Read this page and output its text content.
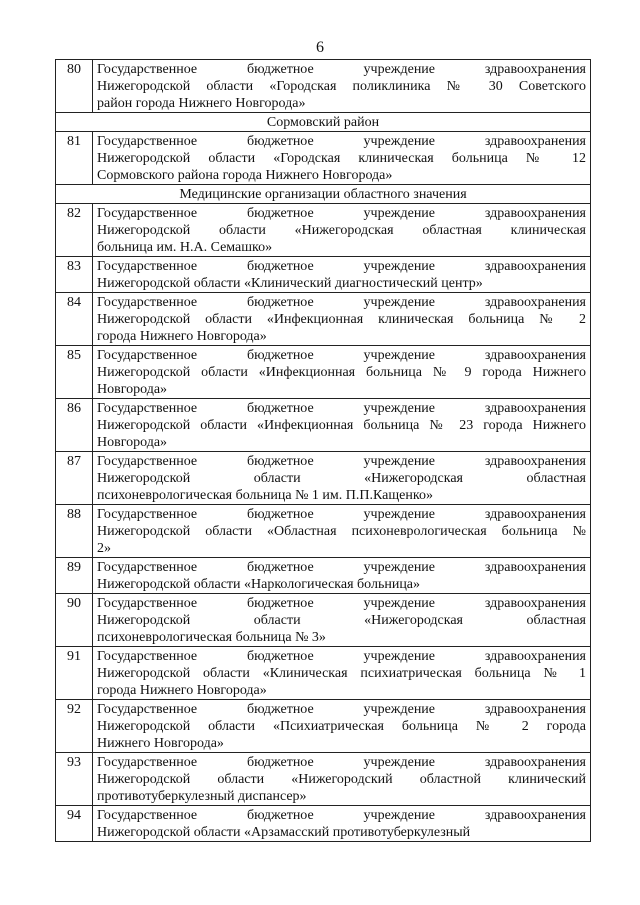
6
80	Государственное бюджетное учреждение здравоохранения
Нижегородской области «Городская поликлиника № 30 Советского
район города Нижнего Новгорода»

Сормовский район	
81	Государственное бюджетное учреждение здравоохранения
Нижегородской области «Городская клиническая больница № 12
Сормовского района города Нижнего Новгорода»

Медицинские организации областного значения	
82	Государственное бюджетное учреждение здравоохранения
Нижегородской области «Нижегородская областная клиническая
больница им. Н.А. Семашко»

83	Государственное бюджетное учреждение здравоохранения
Нижегородской области «Клинический диагностический центр»

84	Государственное бюджетное учреждение здравоохранения
Нижегородской области «Инфекционная клиническая больница № 2
города Нижнего Новгорода»

85	Государственное бюджетное учреждение здравоохранения
Нижегородской области «Инфекционная больница № 9 города Нижнего
Новгорода»

86	Государственное бюджетное учреждение здравоохранения
Нижегородской области «Инфекционная больница № 23 города Нижнего
Новгорода»

87	Государственное бюджетное учреждение здравоохранения
Нижегородской области «Нижегородская областная
психоневрологическая больница № 1 им. П.П.Кащенко»

88	Государственное бюджетное учреждение здравоохранения
Нижегородской области «Областная психоневрологическая больница №
2»

89	Государственное бюджетное учреждение здравоохранения
Нижегородской области «Наркологическая больница»

90	Государственное бюджетное учреждение здравоохранения
Нижегородской области «Нижегородская областная
психоневрологическая больница № 3»

91	Государственное бюджетное учреждение здравоохранения
Нижегородской области «Клиническая психиатрическая больница № 1
города Нижнего Новгорода»

92	Государственное бюджетное учреждение здравоохранения
Нижегородской области «Психиатрическая больница № 2 города
Нижнего Новгорода»

93	Государственное бюджетное учреждение здравоохранения
Нижегородской области «Нижегородский областной клинический
противотуберкулезный диспансер»

94	Государственное бюджетное учреждение здравоохранения
Нижегородской области «Арзамасский противотуберкулезный
